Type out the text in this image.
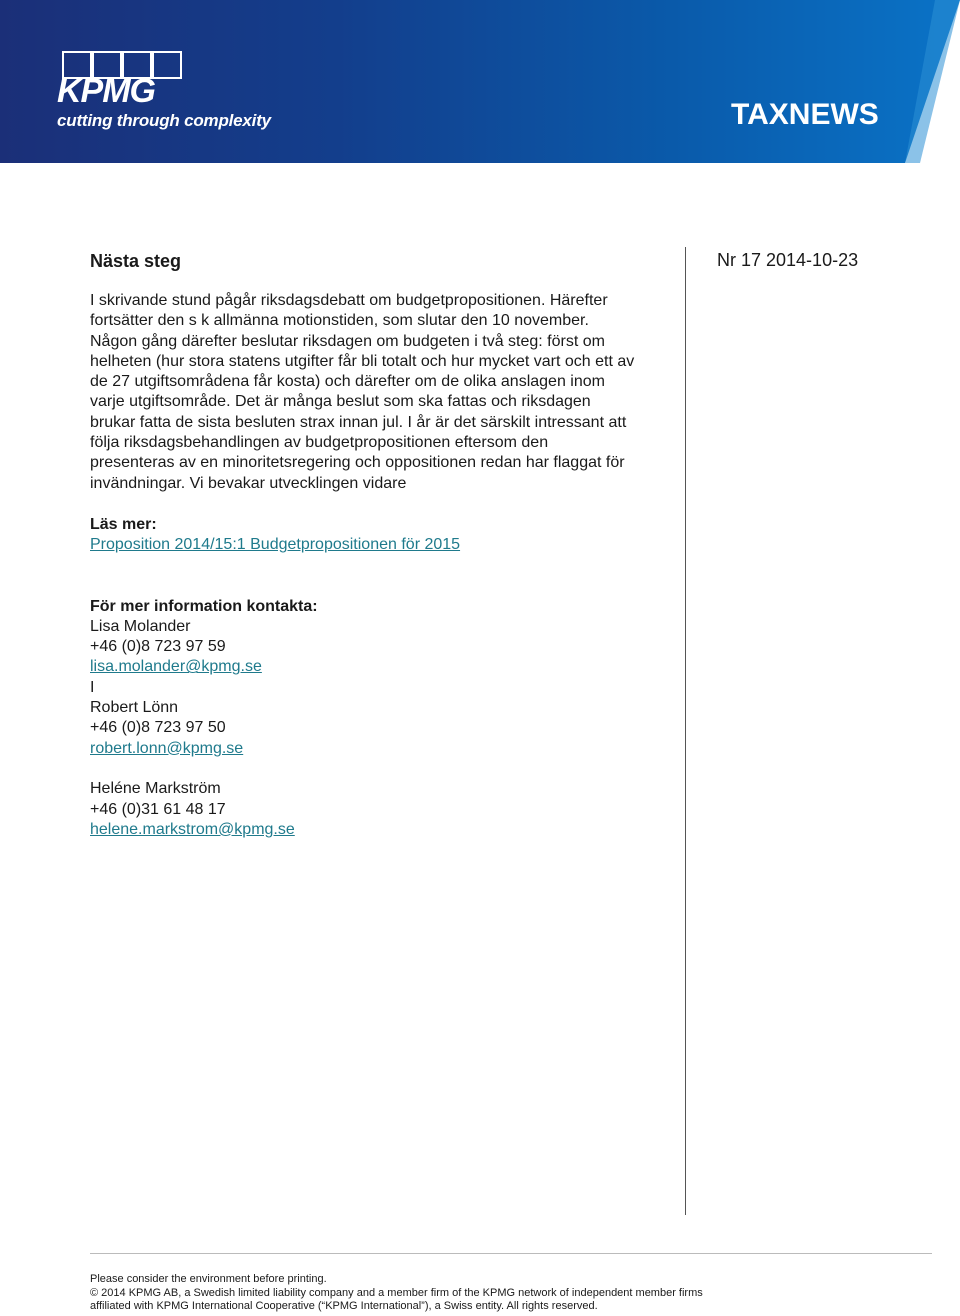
KPMG
cutting through complexity	TAXNEWS
Nr 17 2014-10-23
Nästa steg
I skrivande stund pågår riksdagsdebatt om budgetpropositionen. Härefter
fortsätter den s k allmänna motionstiden, som slutar den 10 november.
Någon gång därefter beslutar riksdagen om budgeten i två steg: först om
helheten (hur stora statens utgifter får bli totalt och hur mycket vart och ett av
de 27 utgiftsområdena får kosta) och därefter om de olika anslagen inom
varje utgiftsområde. Det är många beslut som ska fattas och riksdagen
brukar fatta de sista besluten strax innan jul. I år är det särskilt intressant att
följa riksdagsbehandlingen av budgetpropositionen eftersom den
presenteras av en minoritetsregering och oppositionen redan har flaggat för
invändningar. Vi bevakar utvecklingen vidare

Läs mer:

Proposition 2014/15:1 Budgetpropositionen för 2015

För mer information kontakta:

Lisa Molander
+46 (0)8 723 97 59
lisa.molander@kpmg.se
I
Robert Lönn
+46 (0)8 723 97 50
robert.lonn@kpmg.se
Heléne Markström
+46 (0)31 61 48 17
helene.markstrom@kpmg.se
Please consider the environment before printing.
© 2014 KPMG AB, a Swedish limited liability company and a member firm of the KPMG network of independent member firms
affiliated with KPMG International Cooperative (“KPMG International”), a Swiss entity. All rights reserved.
